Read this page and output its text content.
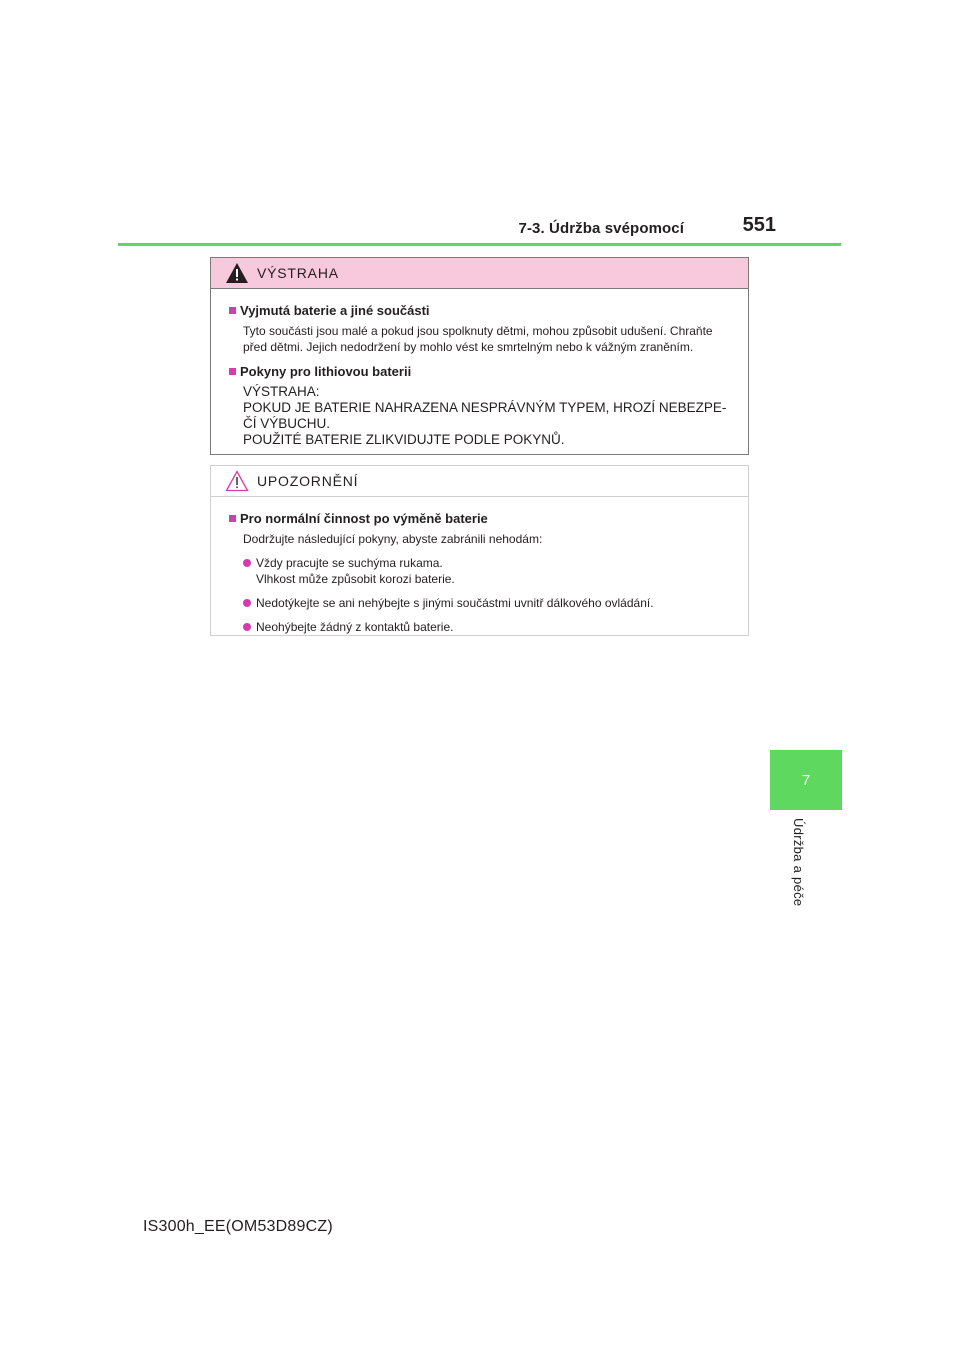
7-3. Údržba svépomocí	551
7
Údržba a péče
VÝSTRAHA
Vyjmutá baterie a jiné součásti
Tyto součásti jsou malé a pokud jsou spolknuty dětmi, mohou způsobit udušení. Chraňte
před dětmi. Jejich nedodržení by mohlo vést ke smrtelným nebo k vážným zraněním.
Pokyny pro lithiovou baterii
VÝSTRAHA:
POKUD JE BATERIE NAHRAZENA NESPRÁVNÝM TYPEM, HROZÍ NEBEZPE-
ČÍ VÝBUCHU.
POUŽITÉ BATERIE ZLIKVIDUJTE PODLE POKYNŮ.
UPOZORNĚNÍ
Pro normální činnost po výměně baterie
Dodržujte následující pokyny, abyste zabránili nehodám:
Vždy pracujte se suchýma rukama.
Vlhkost může způsobit korozi baterie.
Nedotýkejte se ani nehýbejte s jinými součástmi uvnitř dálkového ovládání.
Neohýbejte žádný z kontaktů baterie.
IS300h_EE(OM53D89CZ)
